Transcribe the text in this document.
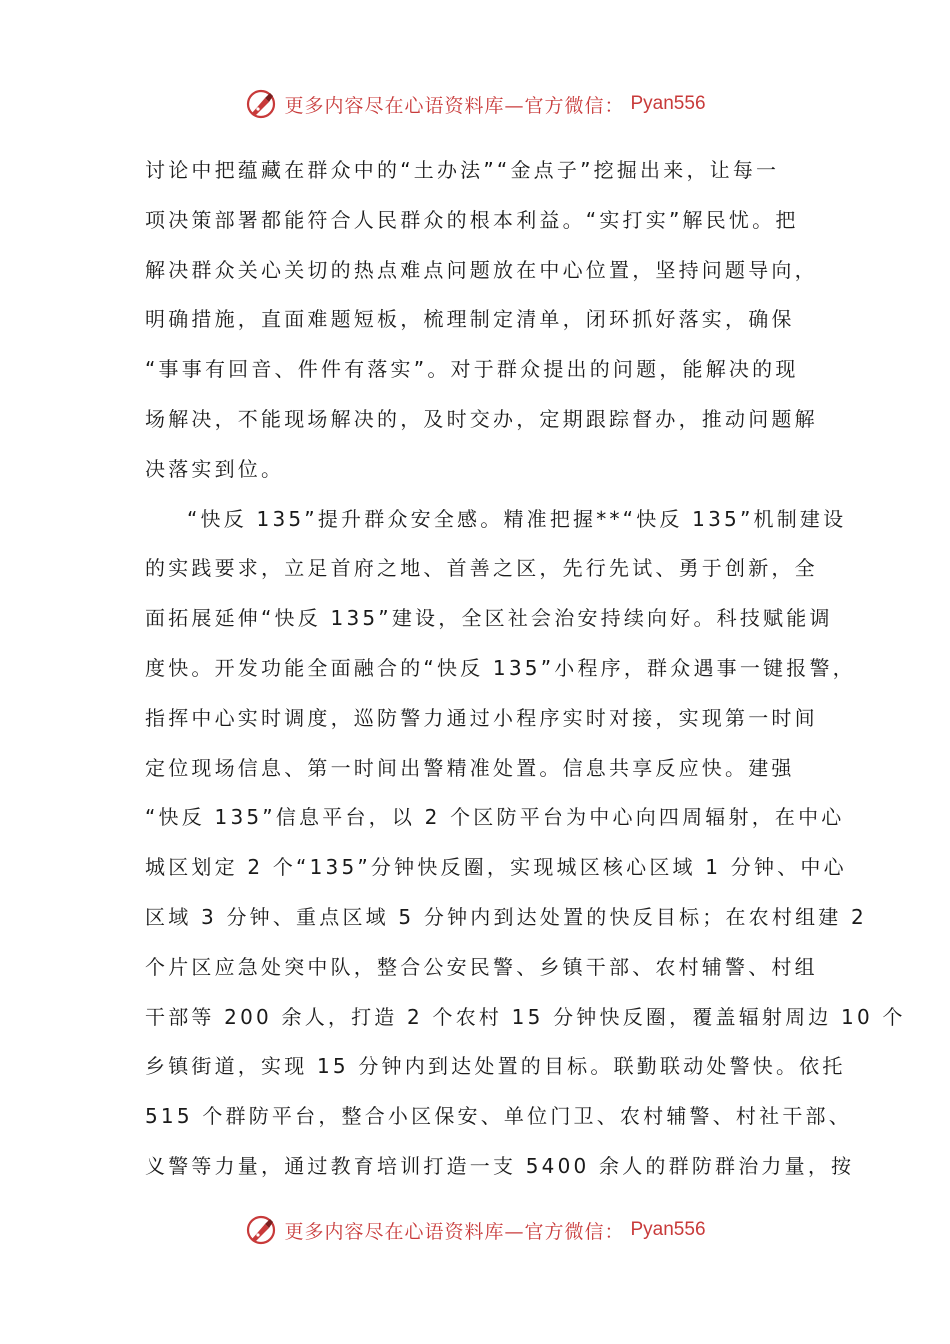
更多内容尽在心语资料库—官方微信： Pyan556
讨论中把蕴藏在群众中的“土办法”“金点子”挖掘出来，让每一
项决策部署都能符合人民群众的根本利益。“实打实”解民忧。把
解决群众关心关切的热点难点问题放在中心位置，坚持问题导向，
明确措施，直面难题短板，梳理制定清单，闭环抓好落实，确保
“事事有回音、件件有落实”。对于群众提出的问题，能解决的现
场解决，不能现场解决的，及时交办，定期跟踪督办，推动问题解
决落实到位。
“快反 135”提升群众安全感。精准把握**“快反 135”机制建设
的实践要求，立足首府之地、首善之区，先行先试、勇于创新，全
面拓展延伸“快反 135”建设，全区社会治安持续向好。科技赋能调
度快。开发功能全面融合的“快反 135”小程序，群众遇事一键报警，
指挥中心实时调度，巡防警力通过小程序实时对接，实现第一时间
定位现场信息、第一时间出警精准处置。信息共享反应快。建强
“快反 135”信息平台，以 2 个区防平台为中心向四周辐射，在中心
城区划定 2 个“135”分钟快反圈，实现城区核心区域 1 分钟、中心
区域 3 分钟、重点区域 5 分钟内到达处置的快反目标；在农村组建 2
个片区应急处突中队，整合公安民警、乡镇干部、农村辅警、村组
干部等 200 余人，打造 2 个农村 15 分钟快反圈，覆盖辐射周边 10 个
乡镇街道，实现 15 分钟内到达处置的目标。联勤联动处警快。依托
515 个群防平台，整合小区保安、单位门卫、农村辅警、村社干部、
义警等力量，通过教育培训打造一支 5400 余人的群防群治力量，按
更多内容尽在心语资料库—官方微信： Pyan556
